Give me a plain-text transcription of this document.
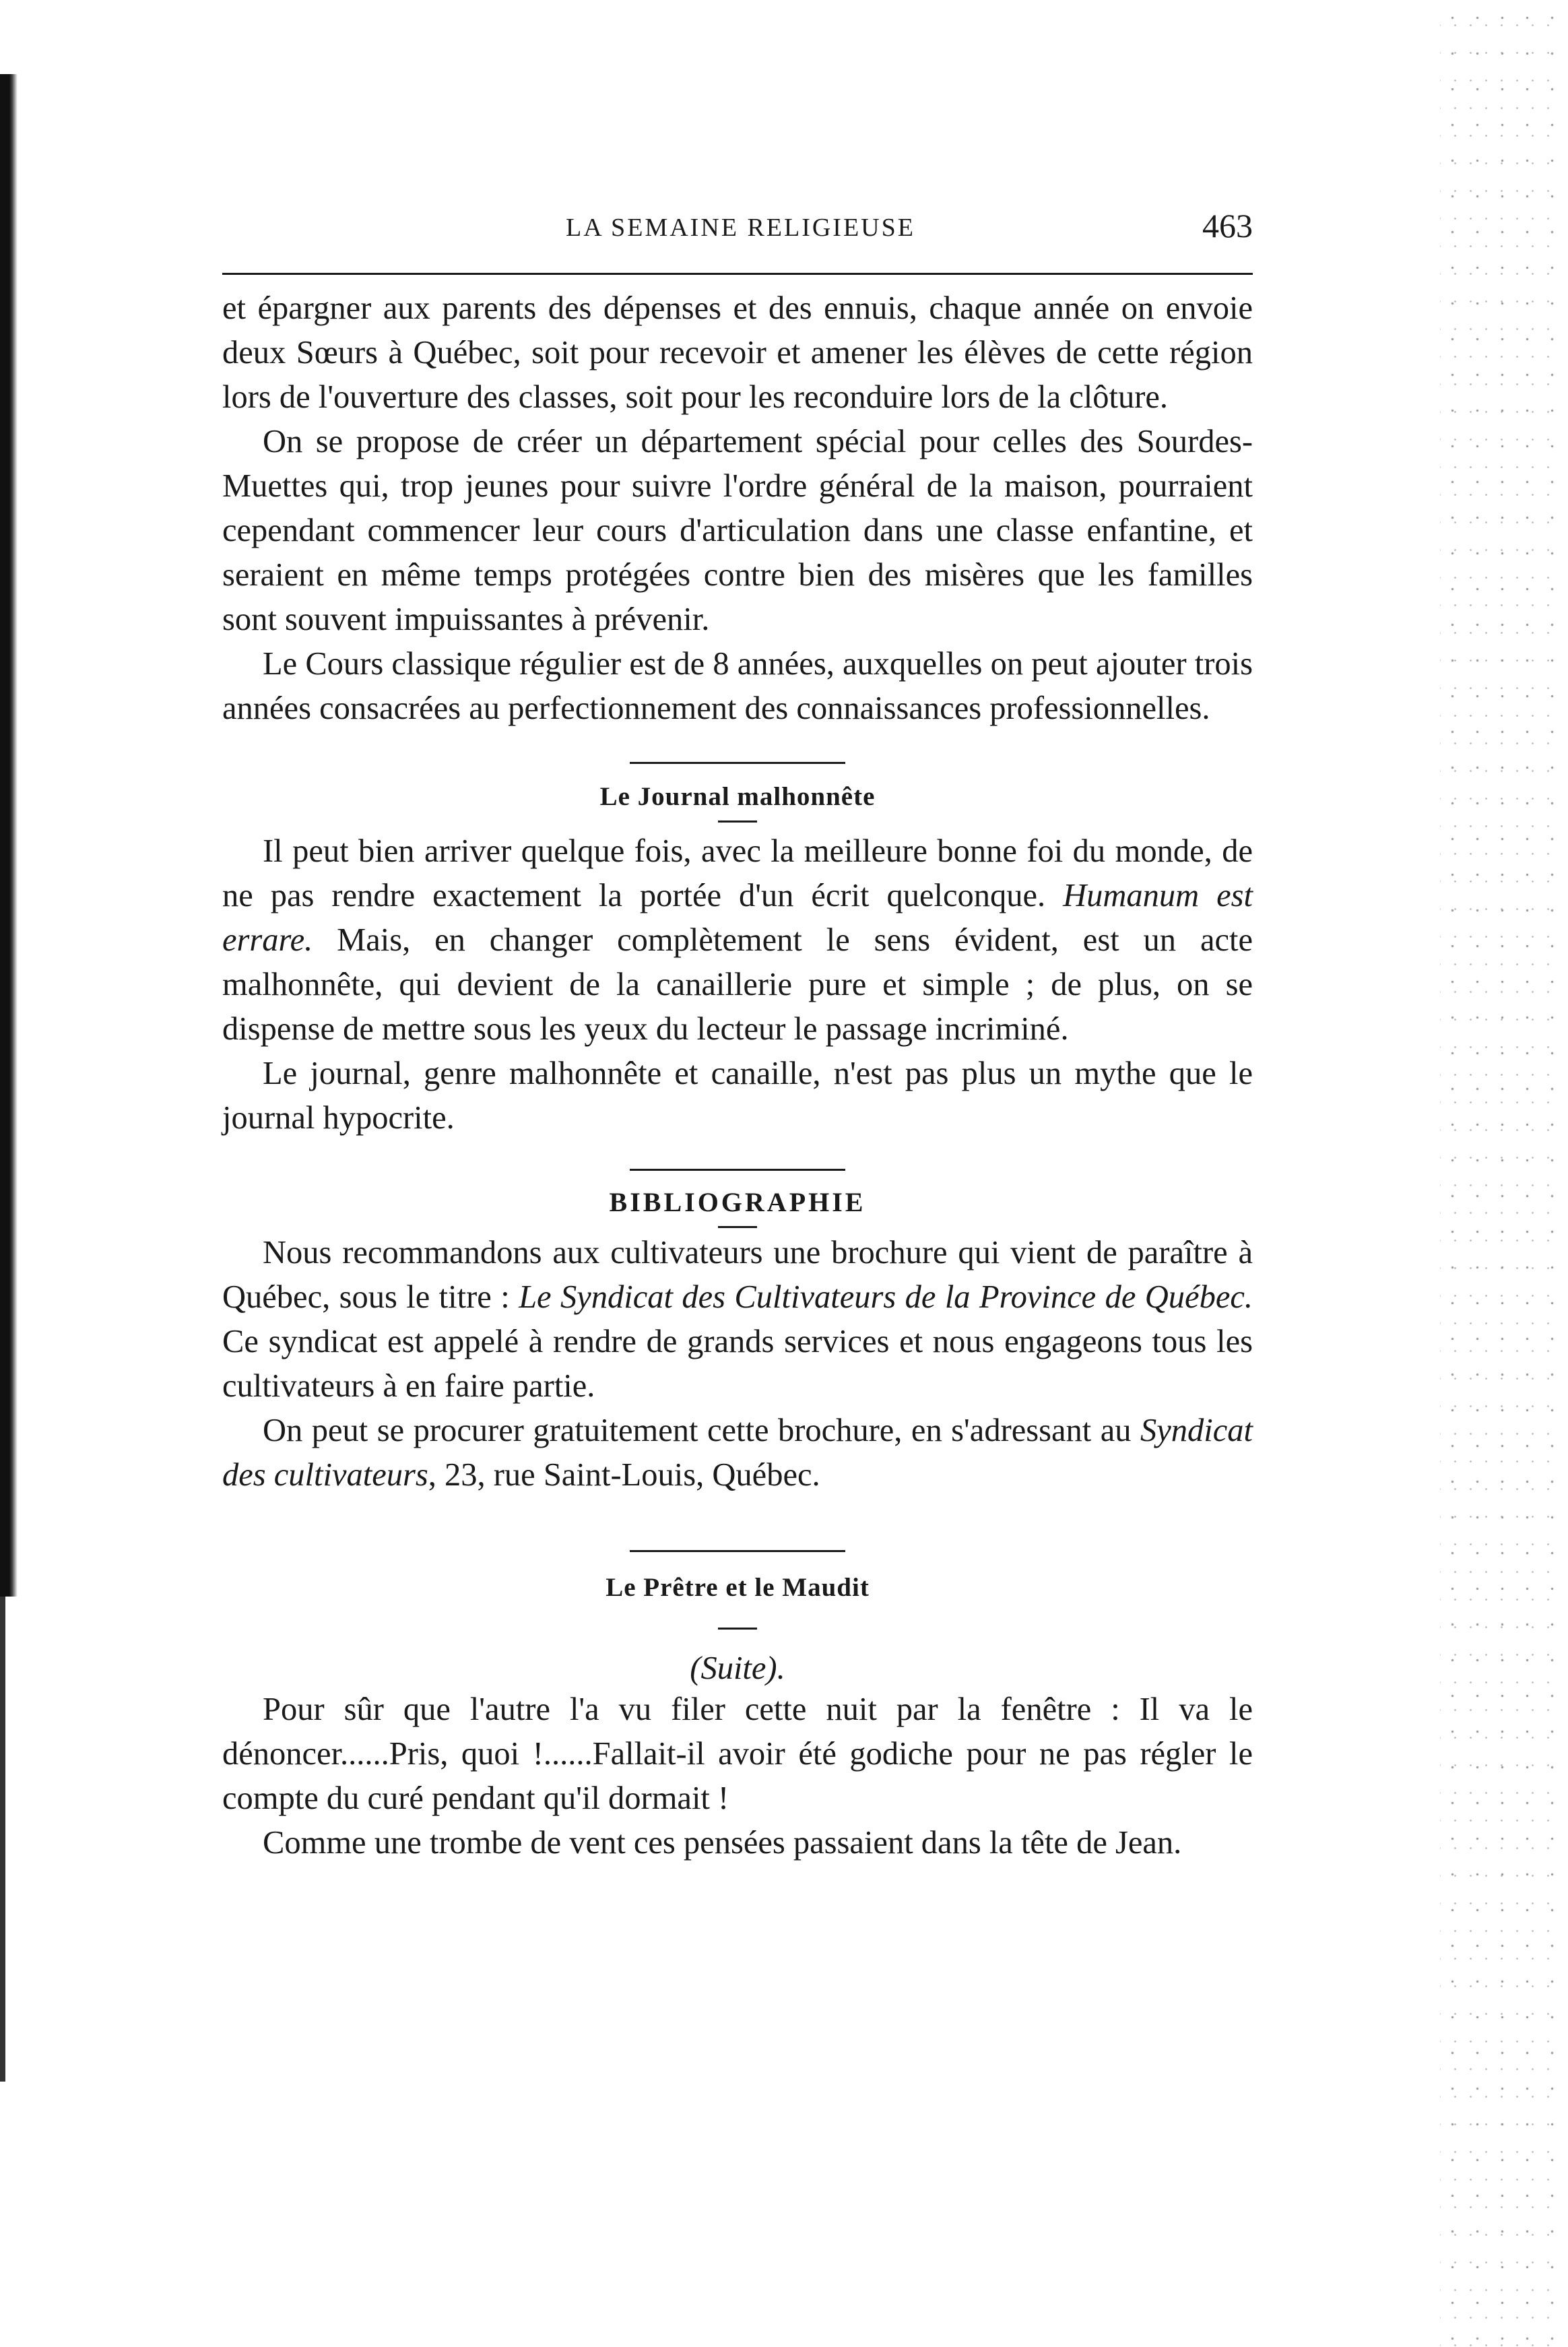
LA SEMAINE RELIGIEUSE	463

et épargner aux parents des dépenses et des ennuis, chaque année on envoie deux Sœurs à Québec, soit pour recevoir et amener les élèves de cette région lors de l'ouverture des classes, soit pour les reconduire lors de la clôture.

On se propose de créer un département spécial pour celles des Sourdes-Muettes qui, trop jeunes pour suivre l'ordre général de la maison, pourraient cependant commencer leur cours d'articulation dans une classe enfantine, et seraient en même temps protégées contre bien des misères que les familles sont souvent impuissantes à prévenir.

Le Cours classique régulier est de 8 années, auxquelles on peut ajouter trois années consacrées au perfectionnement des connaissances professionnelles.

Le Journal malhonnête

Il peut bien arriver quelque fois, avec la meilleure bonne foi du monde, de ne pas rendre exactement la portée d'un écrit quelconque. Humanum est errare. Mais, en changer complètement le sens évident, est un acte malhonnête, qui devient de la canaillerie pure et simple ; de plus, on se dispense de mettre sous les yeux du lecteur le passage incriminé.

Le journal, genre malhonnête et canaille, n'est pas plus un mythe que le journal hypocrite.

BIBLIOGRAPHIE

Nous recommandons aux cultivateurs une brochure qui vient de paraître à Québec, sous le titre : Le Syndicat des Cultivateurs de la Province de Québec. Ce syndicat est appelé à rendre de grands services et nous engageons tous les cultivateurs à en faire partie.

On peut se procurer gratuitement cette brochure, en s'adressant au Syndicat des cultivateurs, 23, rue Saint-Louis, Québec.

Le Prêtre et le Maudit
(Suite).

Pour sûr que l'autre l'a vu filer cette nuit par la fenêtre : Il va le dénoncer......Pris, quoi !......Fallait-il avoir été godiche pour ne pas régler le compte du curé pendant qu'il dormait !

Comme une trombe de vent ces pensées passaient dans la tête de Jean.
